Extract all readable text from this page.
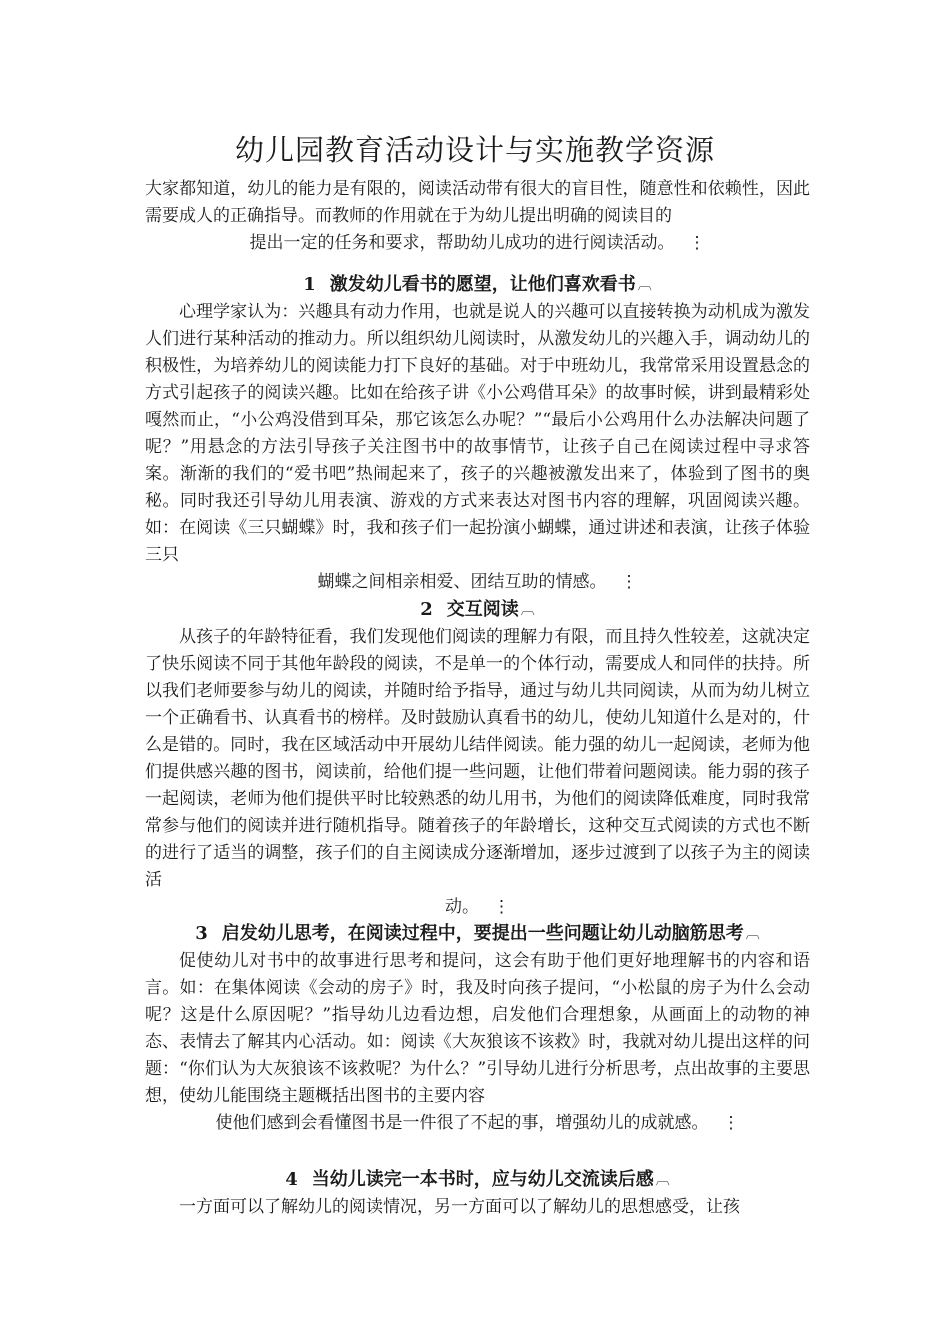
幼儿园教育活动设计与实施教学资源
大家都知道，幼儿的能力是有限的，阅读活动带有很大的盲目性，随意性和依赖性，因此需要成人的正确指导。而教师的作用就在于为幼儿提出明确的阅读目的
提出一定的任务和要求，帮助幼儿成功的进行阅读活动。 ⋮
1 激发幼儿看书的愿望，让他们喜欢看书 ︹
心理学家认为：兴趣具有动力作用，也就是说人的兴趣可以直接转换为动机成为激发人们进行某种活动的推动力。所以组织幼儿阅读时，从激发幼儿的兴趣入手，调动幼儿的积极性，为培养幼儿的阅读能力打下良好的基础。对于中班幼儿，我常常采用设置悬念的方式引起孩子的阅读兴趣。比如在给孩子讲《小公鸡借耳朵》的故事时候，讲到最精彩处嘎然而止，“小公鸡没借到耳朵，那它该怎么办呢？”“最后小公鸡用什么办法解决问题了呢？”用悬念的方法引导孩子关注图书中的故事情节，让孩子自己在阅读过程中寻求答案。渐渐的我们的“爱书吧”热闹起来了，孩子的兴趣被激发出来了，体验到了图书的奥秘。同时我还引导幼儿用表演、游戏的方式来表达对图书内容的理解，巩固阅读兴趣。如：在阅读《三只蝴蝶》时，我和孩子们一起扮演小蝴蝶，通过讲述和表演，让孩子体验三只
蝴蝶之间相亲相爱、团结互助的情感。 ⋮
2 交互阅读 ︹
从孩子的年龄特征看，我们发现他们阅读的理解力有限，而且持久性较差，这就决定了快乐阅读不同于其他年龄段的阅读，不是单一的个体行动，需要成人和同伴的扶持。所以我们老师要参与幼儿的阅读，并随时给予指导，通过与幼儿共同阅读，从而为幼儿树立一个正确看书、认真看书的榜样。及时鼓励认真看书的幼儿，使幼儿知道什么是对的，什么是错的。同时，我在区域活动中开展幼儿结伴阅读。能力强的幼儿一起阅读，老师为他们提供感兴趣的图书，阅读前，给他们提一些问题，让他们带着问题阅读。能力弱的孩子一起阅读，老师为他们提供平时比较熟悉的幼儿用书，为他们的阅读降低难度，同时我常常参与他们的阅读并进行随机指导。随着孩子的年龄增长，这种交互式阅读的方式也不断的进行了适当的调整，孩子们的自主阅读成分逐渐增加，逐步过渡到了以孩子为主的阅读活
动。 ⋮
3 启发幼儿思考，在阅读过程中，要提出一些问题让幼儿动脑筋思考 ︹
促使幼儿对书中的故事进行思考和提问，这会有助于他们更好地理解书的内容和语言。如：在集体阅读《会动的房子》时，我及时向孩子提问，“小松鼠的房子为什么会动呢？这是什么原因呢？”指导幼儿边看边想，启发他们合理想象，从画面上的动物的神态、表情去了解其内心活动。如：阅读《大灰狼该不该救》时，我就对幼儿提出这样的问题：“你们认为大灰狼该不该救呢？为什么？”引导幼儿进行分析思考，点出故事的主要思想，使幼儿能围绕主题概括出图书的主要内容
使他们感到会看懂图书是一件很了不起的事，增强幼儿的成就感。 ⋮
4 当幼儿读完一本书时，应与幼儿交流读后感 ︹
一方面可以了解幼儿的阅读情况，另一方面可以了解幼儿的思想感受，让孩
